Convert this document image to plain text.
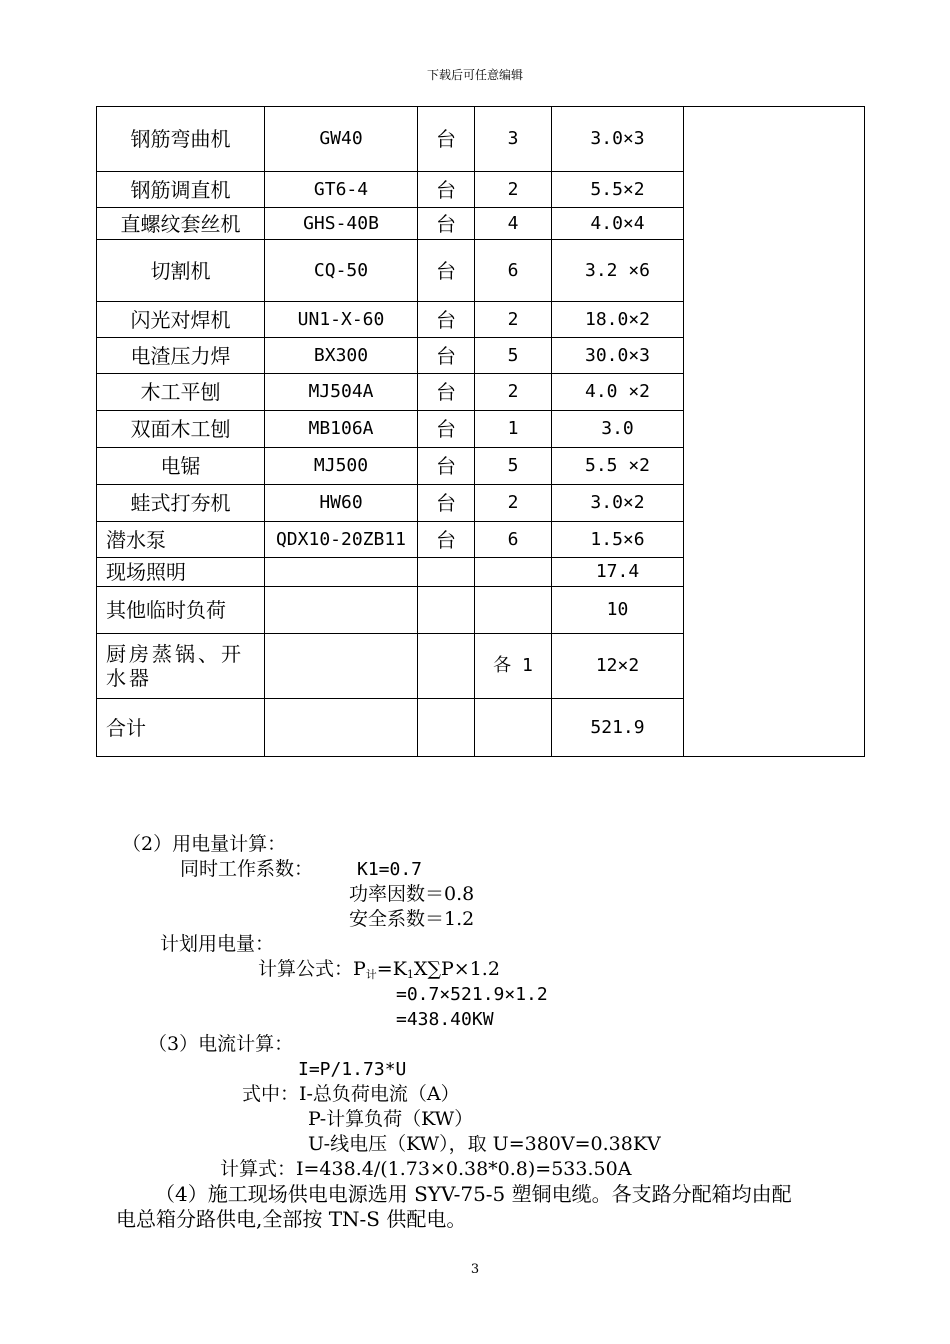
下载后可任意编辑
钢筋弯曲机	GW40	台	3	3.0×3	
钢筋调直机	GT6-4	台	2	5.5×2	
直螺纹套丝机	GHS-40B	台	4	4.0×4	
切割机	CQ-50	台	6	3.2 ×6	
闪光对焊机	UN1-X-60	台	2	18.0×2	
电渣压力焊	BX300	台	5	30.0×3	
木工平刨	MJ504A	台	2	4.0 ×2	
双面木工刨	MB106A	台	1	3.0	
电锯	MJ500	台	5	5.5 ×2	
蛙式打夯机	HW60	台	2	3.0×2	
潜水泵	QDX10-20ZB11	台	6	1.5×6	
现场照明				17.4	
其他临时负荷				10	
厨房蒸锅、开水器			各 1	12×2	
合计				521.9	
（2）用电量计算：
同时工作系数： K1=0.7
功率因数＝0.8
安全系数＝1.2
计划用电量：
计算公式：$P_计=K_1X\sum P\times 1.2$
=0.7×521.9×1.2
=438.40KW
（3）电流计算：
I=P/1.73*U
式中：I-总负荷电流（A）
P-计算负荷（KW）
U-线电压（KW），取 U=380V=0.38KV
计算式：I=438.4/(1.73×0.38*0.8)=533.50A
（4）施工现场供电电源选用 SYV-75-5 塑铜电缆。各支路分配箱均由配
电总箱分路供电,全部按 TN-S 供配电。
3
